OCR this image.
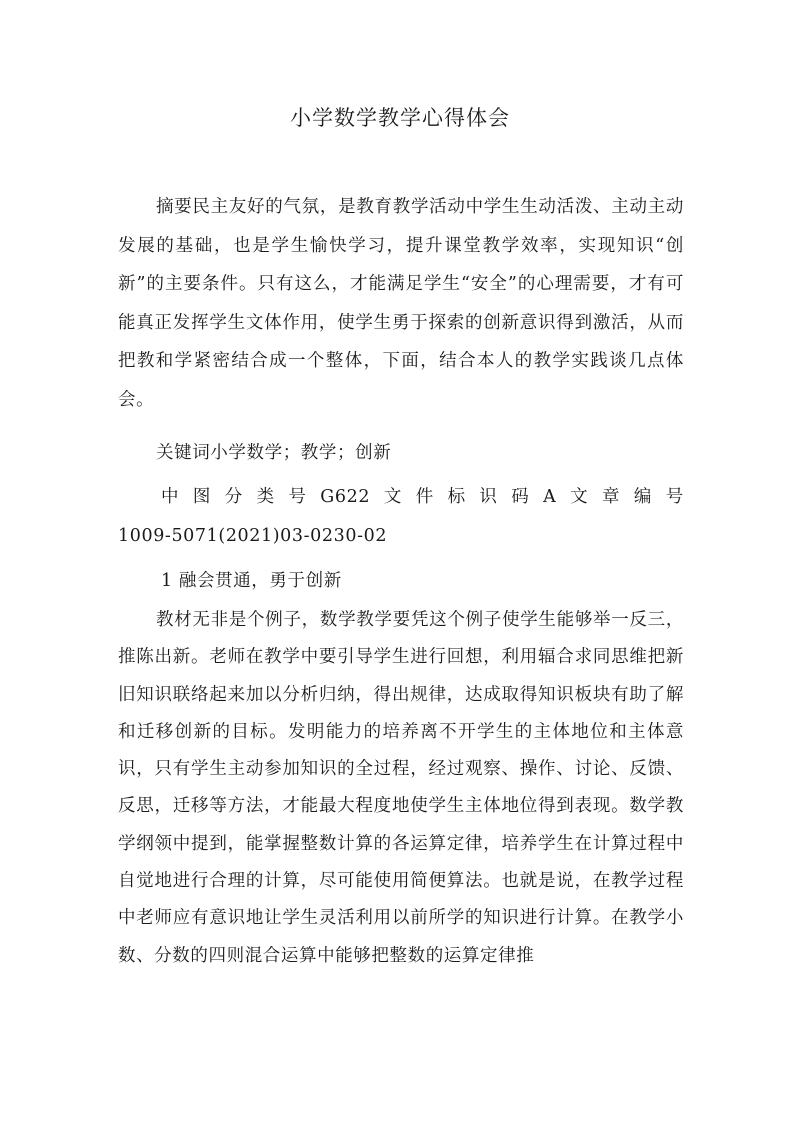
小学数学教学心得体会

摘要民主友好的气氛，是教育教学活动中学生生动活泼、主动主动发展的基础，也是学生愉快学习，提升课堂教学效率，实现知识“创新”的主要条件。只有这么，才能满足学生“安全”的心理需要，才有可能真正发挥学生文体作用，使学生勇于探索的创新意识得到激活，从而把教和学紧密结合成一个整体，下面，结合本人的教学实践谈几点体会。

关键词小学数学；教学；创新

中 图 分 类 号 G622 文 件 标 识 码 A 文 章 编 号
1009-5071(2021)03-0230-02

1 融会贯通，勇于创新

教材无非是个例子，数学教学要凭这个例子使学生能够举一反三，推陈出新。老师在教学中要引导学生进行回想，利用辐合求同思维把新旧知识联络起来加以分析归纳，得出规律，达成取得知识板块有助了解和迁移创新的目标。发明能力的培养离不开学生的主体地位和主体意识，只有学生主动参加知识的全过程，经过观察、操作、讨论、反馈、反思，迁移等方法，才能最大程度地使学生主体地位得到表现。数学教学纲领中提到，能掌握整数计算的各运算定律，培养学生在计算过程中自觉地进行合理的计算，尽可能使用简便算法。也就是说，在教学过程中老师应有意识地让学生灵活利用以前所学的知识进行计算。在教学小数、分数的四则混合运算中能够把整数的运算定律推
